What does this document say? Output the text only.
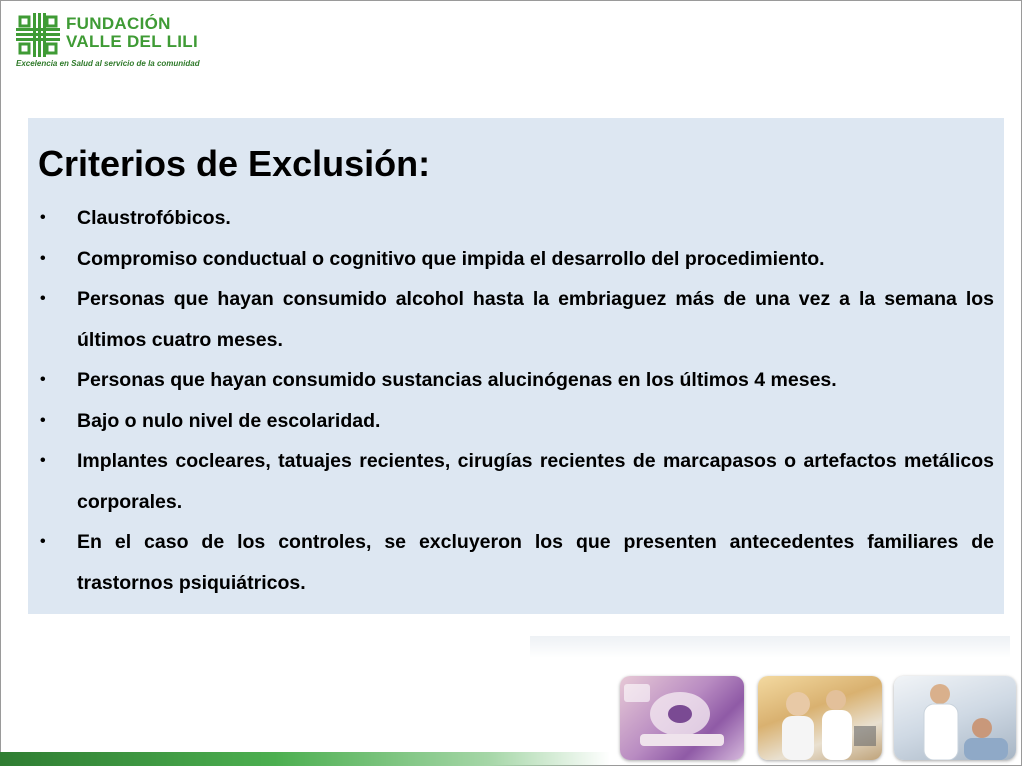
FUNDACIÓN
VALLE DEL LILI
Excelencia en Salud al servicio de la comunidad
Criterios de Exclusión:
• Claustrofóbicos.
• Compromiso conductual o cognitivo que impida el desarrollo del procedimiento.
• Personas que hayan consumido alcohol hasta la embriaguez más de una vez a la semana los últimos cuatro meses.
• Personas que hayan consumido sustancias alucinógenas en los últimos 4 meses.
• Bajo o nulo nivel de escolaridad.
• Implantes cocleares, tatuajes recientes, cirugías recientes de marcapasos o artefactos metálicos corporales.
• En el caso de los controles, se excluyeron los que presenten antecedentes familiares de trastornos psiquiátricos.
